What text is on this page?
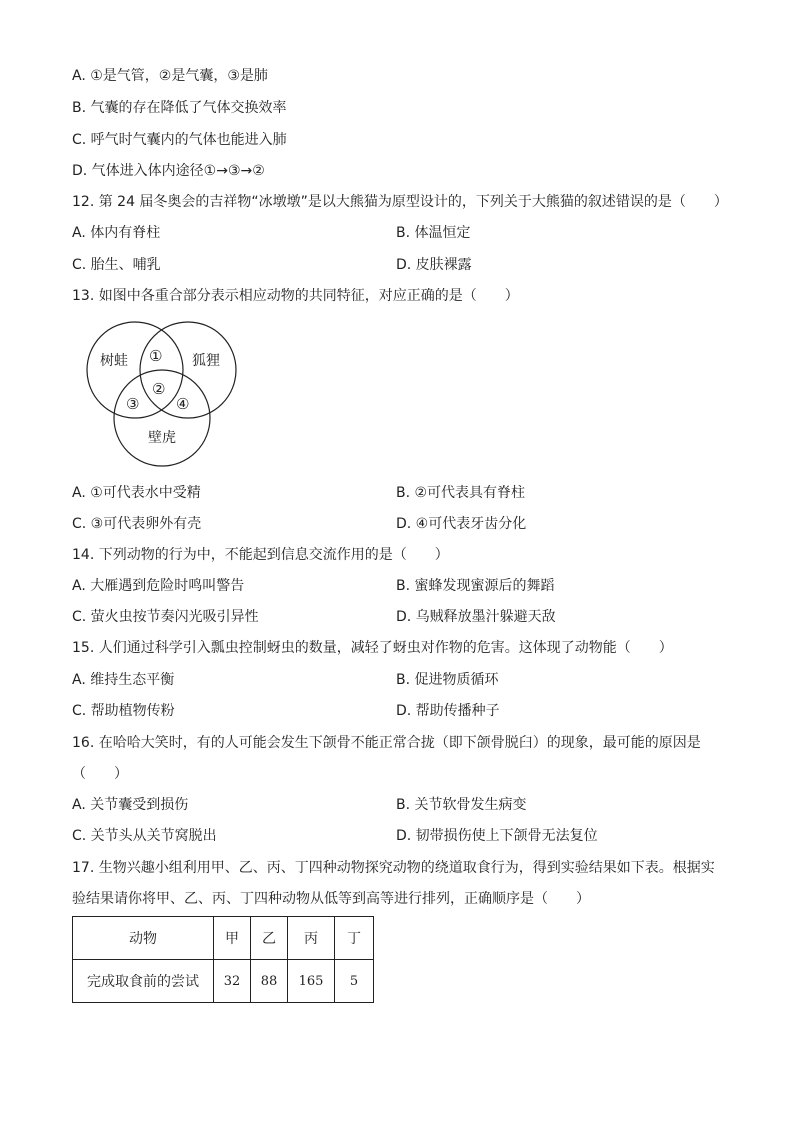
A. ①是气管，②是气囊，③是肺
B. 气囊的存在降低了气体交换效率
C. 呼气时气囊内的气体也能进入肺
D. 气体进入体内途径①→③→②
12. 第 24 届冬奥会的吉祥物“冰墩墩”是以大熊猫为原型设计的，下列关于大熊猫的叙述错误的是（　　）
A. 体内有脊柱	B. 体温恒定
C. 胎生、哺乳	D. 皮肤裸露
13. 如图中各重合部分表示相应动物的共同特征，对应正确的是（　　）
树蛙	狐狸
壁虎
①
②
③ ④
A. ①可代表水中受精	B. ②可代表具有脊柱
C. ③可代表卵外有壳	D. ④可代表牙齿分化
14. 下列动物的行为中，不能起到信息交流作用的是（　　）
A. 大雁遇到危险时鸣叫警告	B. 蜜蜂发现蜜源后的舞蹈
C. 萤火虫按节奏闪光吸引异性	D. 乌贼释放墨汁躲避天敌
15. 人们通过科学引入瓢虫控制蚜虫的数量，减轻了蚜虫对作物的危害。这体现了动物能（　　）
A. 维持生态平衡	B. 促进物质循环
C. 帮助植物传粉	D. 帮助传播种子
16. 在哈哈大笑时，有的人可能会发生下颌骨不能正常合拢（即下颌骨脱臼）的现象，最可能的原因是
（　　）
A. 关节囊受到损伤	B. 关节软骨发生病变
C. 关节头从关节窝脱出	D. 韧带损伤使上下颌骨无法复位
17. 生物兴趣小组利用甲、乙、丙、丁四种动物探究动物的绕道取食行为，得到实验结果如下表。根据实
验结果请你将甲、乙、丙、丁四种动物从低等到高等进行排列，正确顺序是（　　）
动物	甲	乙	丙	丁
完成取食前的尝试	32	88	165	5
